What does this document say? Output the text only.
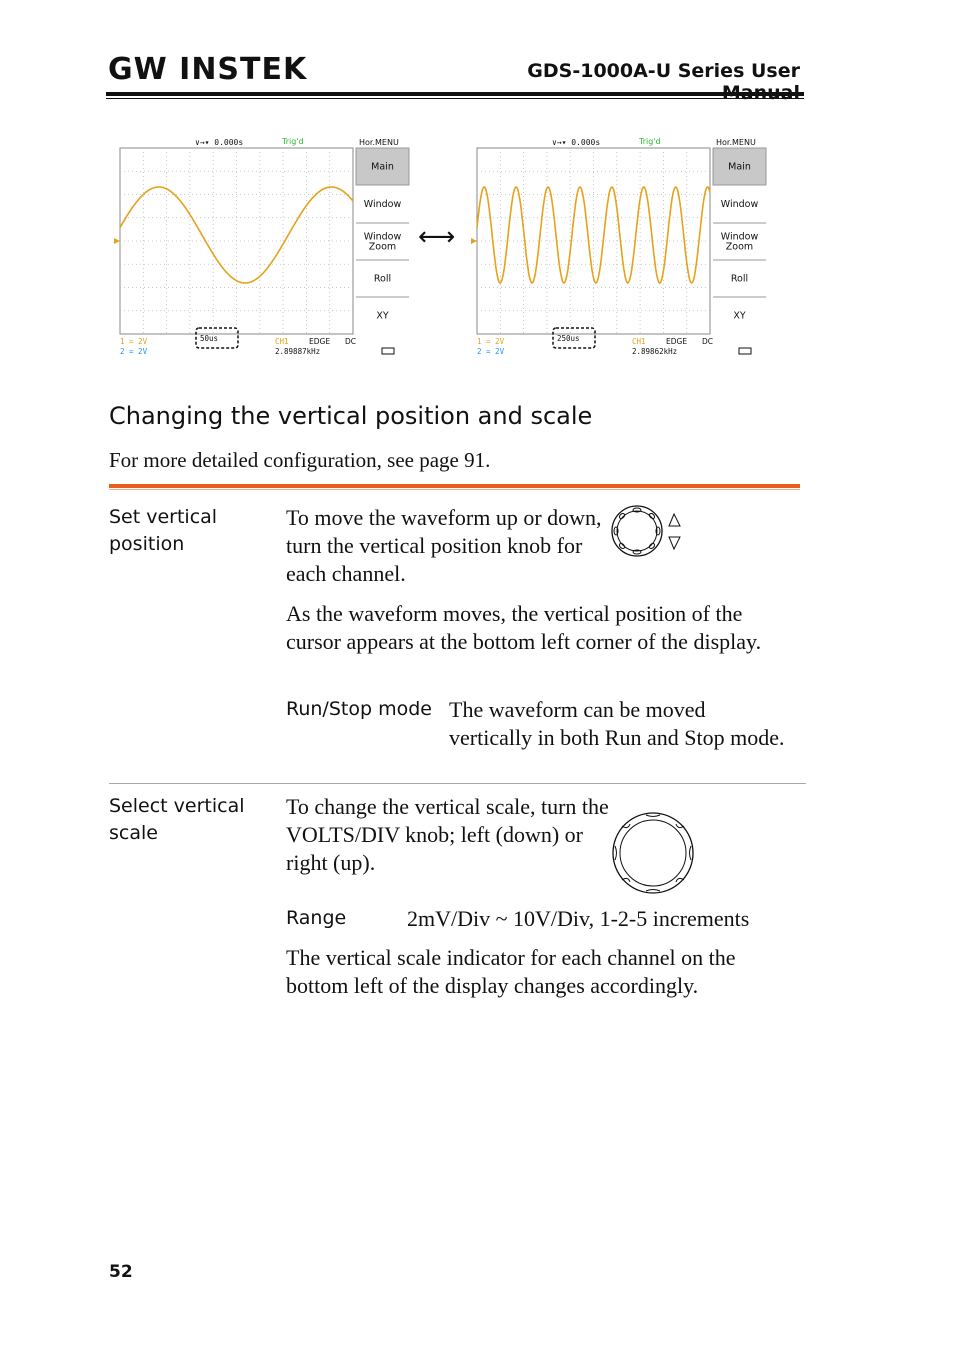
GW INSTEK	GDS-1000A-U Series User
∨→▾ 0.000s	Trig'd	Hor.MENU
Main
Window
Window
Zoom
Roll
XY
1 = 2V
2 = 2V
50us	CH1	EDGE DC
2.89887kHz
⟷
∨→▾ 0.000s	Trig'd	Hor.MENU
Main
Window
Window
Zoom
Roll
XY
1 = 2V
2 = 2V
250us	CH1	EDGE DC
2.89862kHz
Changing the vertical position and scale
For more detailed configuration, see page 91.
Set vertical position
To move the waveform up or down, turn the vertical position knob for each channel.
As the waveform moves, the vertical position of the cursor appears at the bottom left corner of the display.
Run/Stop mode The waveform can be moved vertically in both Run and Stop mode.
Select vertical scale
To change the vertical scale, turn the VOLTS/DIV knob; left (down) or right (up).
Range	2mV/Div ~ 10V/Div, 1-2-5 increments
The vertical scale indicator for each channel on the bottom left of the display changes accordingly.
52
